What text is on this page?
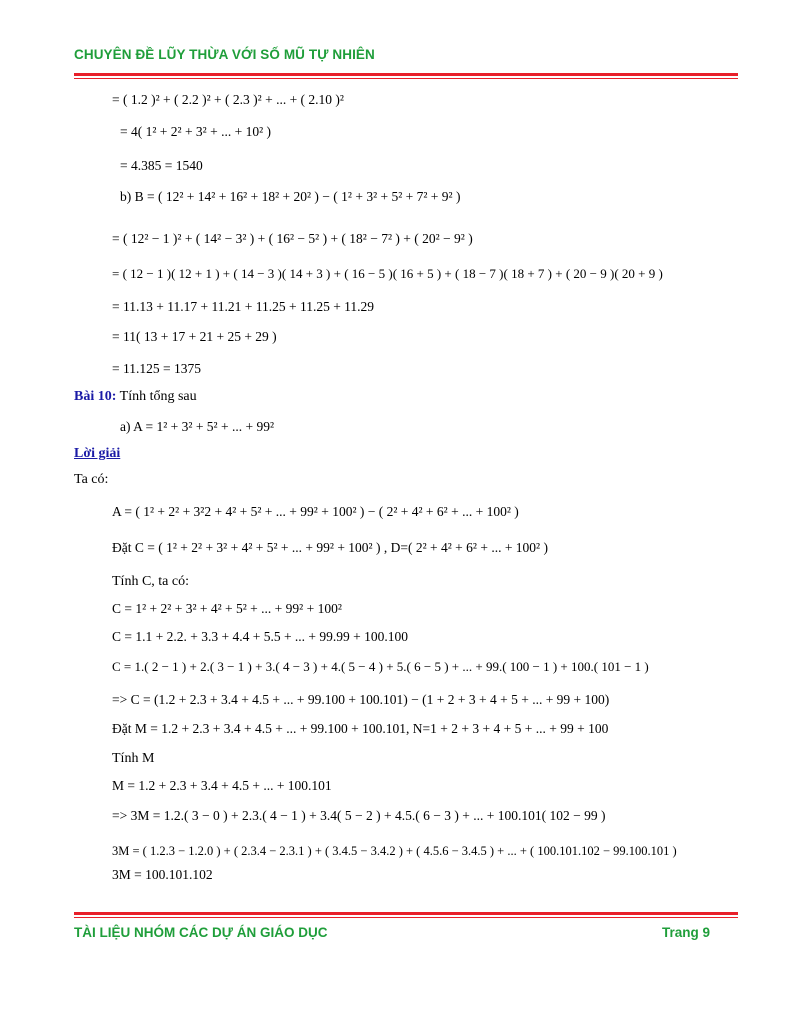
CHUYÊN ĐỀ LŨY THỪA VỚI SỐ MŨ TỰ NHIÊN
= ( 1.2 )² + ( 2.2 )² + ( 2.3 )² + ... + ( 2.10 )²
= 4( 1² + 2² + 3² + ... + 10² )
= 4.385 = 1540
b) B = ( 12² + 14² + 16² + 18² + 20² ) − ( 1² + 3² + 5² + 7² + 9² )
= ( 12² − 1 )² + ( 14² − 3² ) + ( 16² − 5² ) + ( 18² − 7² ) + ( 20² − 9² )
= ( 12 − 1 )( 12 + 1 ) + ( 14 − 3 )( 14 + 3 ) + ( 16 − 5 )( 16 + 5 ) + ( 18 − 7 )( 18 + 7 ) + ( 20 − 9 )( 20 + 9 )
= 11.13 + 11.17 + 11.21 + 11.25 + 11.25 + 11.29
= 11( 13 + 17 + 21 + 25 + 29 )
= 11.125 = 1375
Bài 10: Tính tổng sau
a) A = 1² + 3² + 5² + ... + 99²
Lời giải
Ta có:
A = ( 1² + 2² + 3²2 + 4² + 5² + ... + 99² + 100² ) − ( 2² + 4² + 6² + ... + 100² )
Đặt C = ( 1² + 2² + 3² + 4² + 5² + ... + 99² + 100² ) , D=( 2² + 4² + 6² + ... + 100² )
Tính C, ta có:
C = 1² + 2² + 3² + 4² + 5² + ... + 99² + 100²
C = 1.1 + 2.2. + 3.3 + 4.4 + 5.5 + ... + 99.99 + 100.100
C = 1.( 2 − 1 ) + 2.( 3 − 1 ) + 3.( 4 − 3 ) + 4.( 5 − 4 ) + 5.( 6 − 5 ) + ... + 99.( 100 − 1 ) + 100.( 101 − 1 )
=> C = (1.2 + 2.3 + 3.4 + 4.5 + ... + 99.100 + 100.101) − (1 + 2 + 3 + 4 + 5 + ... + 99 + 100)
Đặt M = 1.2 + 2.3 + 3.4 + 4.5 + ... + 99.100 + 100.101, N=1 + 2 + 3 + 4 + 5 + ... + 99 + 100
Tính M
M = 1.2 + 2.3 + 3.4 + 4.5 + ... + 100.101
=> 3M = 1.2.( 3 − 0 ) + 2.3.( 4 − 1 ) + 3.4( 5 − 2 ) + 4.5.( 6 − 3 ) + ... + 100.101( 102 − 99 )
3M = ( 1.2.3 − 1.2.0 ) + ( 2.3.4 − 2.3.1 ) + ( 3.4.5 − 3.4.2 ) + ( 4.5.6 − 3.4.5 ) + ... + ( 100.101.102 − 99.100.101 )
3M = 100.101.102
TÀI LIỆU NHÓM CÁC DỰ ÁN GIÁO DỤC	Trang 9
